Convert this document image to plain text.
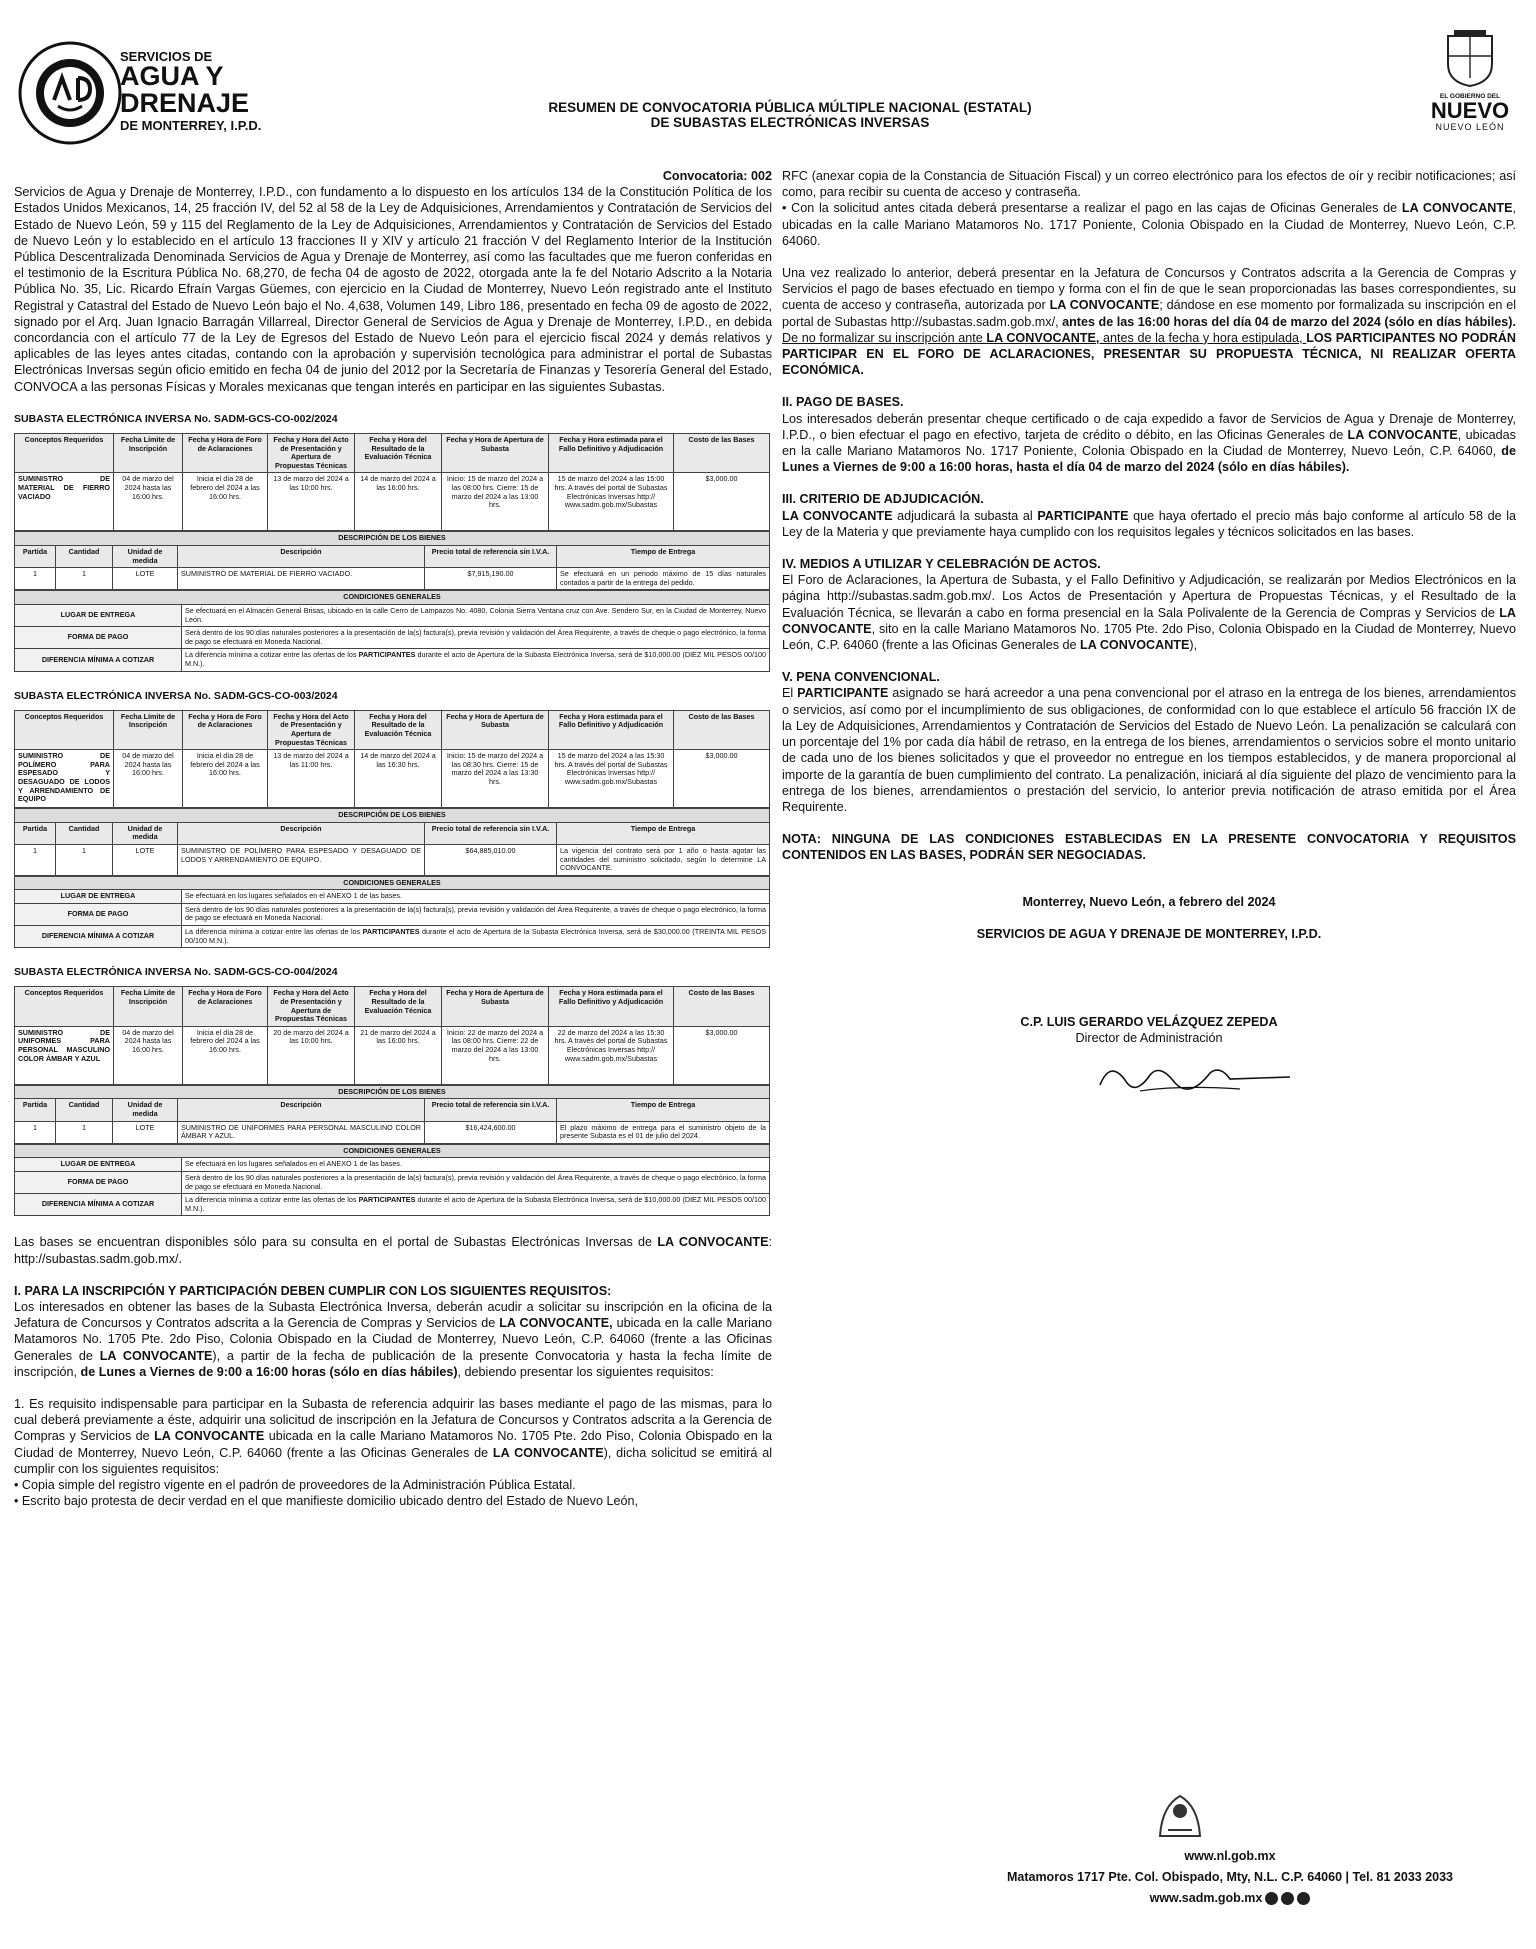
SERVICIOS DE
AGUA Y
DRENAJE
DE MONTERREY, I.P.D.
EL GOBIERNO DEL
NUEVO
NUEVO LEÓN
RESUMEN DE CONVOCATORIA PÚBLICA MÚLTIPLE NACIONAL (ESTATAL)
DE SUBASTAS ELECTRÓNICAS INVERSAS

Convocatoria: 002

Servicios de Agua y Drenaje de Monterrey, I.P.D., con fundamento a lo dispuesto en los artículos 134 de la Constitución Política de los Estados Unidos Mexicanos, 14, 25 fracción IV, del 52 al 58 de la Ley de Adquisiciones, Arrendamientos y Contratación de Servicios del Estado de Nuevo León, 59 y 115 del Reglamento de la Ley de Adquisiciones, Arrendamientos y Contratación de Servicios del Estado de Nuevo León y lo establecido en el artículo 13 fracciones II y XIV y artículo 21 fracción V del Reglamento Interior de la Institución Pública Descentralizada Denominada Servicios de Agua y Drenaje de Monterrey, así como las facultades que me fueron conferidas en el testimonio de la Escritura Pública No. 68,270, de fecha 04 de agosto de 2022, otorgada ante la fe del Notario Adscrito a la Notaria Pública No. 35, Lic. Ricardo Efraín Vargas Güemes, con ejercicio en la Ciudad de Monterrey, Nuevo León registrado ante el Instituto Registral y Catastral del Estado de Nuevo León bajo el No. 4,638, Volumen 149, Libro 186, presentado en fecha 09 de agosto de 2022, signado por el Arq. Juan Ignacio Barragán Villarreal, Director General de Servicios de Agua y Drenaje de Monterrey, I.P.D., en debida concordancia con el artículo 77 de la Ley de Egresos del Estado de Nuevo León para el ejercicio fiscal 2024 y demás relativos y aplicables de las leyes antes citadas, contando con la aprobación y supervisión tecnológica para administrar el portal de Subastas Electrónicas Inversas según oficio emitido en fecha 04 de junio del 2012 por la Secretaría de Finanzas y Tesorería General del Estado, CONVOCA a las personas Físicas y Morales mexicanas que tengan interés en participar en las siguientes Subastas.

SUBASTA ELECTRÓNICA INVERSA No. SADM-GCS-CO-002/2024
Conceptos Requeridos	Fecha Límite de Inscripción	Fecha y Hora de Foro de Aclaraciones	Fecha y Hora del Acto de Presentación y Apertura de Propuestas Técnicas	Fecha y Hora del Resultado de la Evaluación Técnica	Fecha y Hora de Apertura de Subasta	Fecha y Hora estimada para el Fallo Definitivo y Adjudicación	Costo de las Bases
SUMINISTRO DE MATERIAL DE FIERRO VACIADO	04 de marzo del 2024 hasta las 16:00 hrs.	Inicia el día 28 de febrero del 2024 a las 16:00 hrs.	13 de marzo del 2024 a las 10:00 hrs.	14 de marzo del 2024 a las 16:00 hrs.	Inicio: 15 de marzo del 2024 a las 08:00 hrs. Cierre: 15 de marzo del 2024 a las 13:00 hrs.	15 de marzo del 2024 a las 15:00 hrs. A través del portal de Subastas Electrónicas Inversas http:// www.sadm.gob.mx/Subastas	$3,000.00
DESCRIPCIÓN DE LOS BIENES					
Partida	Cantidad	Unidad de medida	Descripción	Precio total de referencia sin I.V.A.	Tiempo de Entrega
1	1	LOTE	SUMINISTRO DE MATERIAL DE FIERRO VACIADO.	$7,915,190.00	Se efectuará en un periodo máximo de 15 días naturales contados a partir de la entrega del pedido.
CONDICIONES GENERALES	
LUGAR DE ENTREGA	Se efectuará en el Almacén General Brisas, ubicado en la calle Cerro de Lampazos No. 4080, Colonia Sierra Ventana cruz con Ave. Sendero Sur, en la Ciudad de Monterrey, Nuevo León.
FORMA DE PAGO	Será dentro de los 90 días naturales posteriores a la presentación de la(s) factura(s), previa revisión y validación del Área Requirente, a través de cheque o pago electrónico, la forma de pago se efectuará en Moneda Nacional.
DIFERENCIA MÍNIMA A COTIZAR	La diferencia mínima a cotizar entre las ofertas de los PARTICIPANTES durante el acto de Apertura de la Subasta Electrónica Inversa, será de $10,000.00 (DIEZ MIL PESOS 00/100 M.N.).
SUBASTA ELECTRÓNICA INVERSA No. SADM-GCS-CO-003/2024
Conceptos Requeridos	Fecha Límite de Inscripción	Fecha y Hora de Foro de Aclaraciones	Fecha y Hora del Acto de Presentación y Apertura de Propuestas Técnicas	Fecha y Hora del Resultado de la Evaluación Técnica	Fecha y Hora de Apertura de Subasta	Fecha y Hora estimada para el Fallo Definitivo y Adjudicación	Costo de las Bases
SUMINISTRO DE POLÍMERO PARA ESPESADO Y DESAGUADO DE LODOS Y ARRENDAMIENTO DE EQUIPO	04 de marzo del 2024 hasta las 16:00 hrs.	Inicia el día 28 de febrero del 2024 a las 16:00 hrs.	13 de marzo del 2024 a las 11:00 hrs.	14 de marzo del 2024 a las 16:30 hrs.	Inicio: 15 de marzo del 2024 a las 08:30 hrs. Cierre: 15 de marzo del 2024 a las 13:30 hrs.	15 de marzo del 2024 a las 15:30 hrs. A través del portal de Subastas Electrónicas Inversas http:// www.sadm.gob.mx/Subastas	$3,000.00
DESCRIPCIÓN DE LOS BIENES					
Partida	Cantidad	Unidad de medida	Descripción	Precio total de referencia sin I.V.A.	Tiempo de Entrega
1	1	LOTE	SUMINISTRO DE POLÍMERO PARA ESPESADO Y DESAGUADO DE LODOS Y ARRENDAMIENTO DE EQUIPO.	$64,885,010.00	La vigencia del contrato será por 1 año o hasta agotar las cantidades del suministro solicitado, según lo determine LA CONVOCANTE.
CONDICIONES GENERALES	
LUGAR DE ENTREGA	Se efectuará en los lugares señalados en el ANEXO 1 de las bases.
FORMA DE PAGO	Será dentro de los 90 días naturales posteriores a la presentación de la(s) factura(s), previa revisión y validación del Área Requirente, a través de cheque o pago electrónico, la forma de pago se efectuará en Moneda Nacional.
DIFERENCIA MÍNIMA A COTIZAR	La diferencia mínima a cotizar entre las ofertas de los PARTICIPANTES durante el acto de Apertura de la Subasta Electrónica Inversa, será de $30,000.00 (TREINTA MIL PESOS 00/100 M.N.).
SUBASTA ELECTRÓNICA INVERSA No. SADM-GCS-CO-004/2024
Conceptos Requeridos	Fecha Límite de Inscripción	Fecha y Hora de Foro de Aclaraciones	Fecha y Hora del Acto de Presentación y Apertura de Propuestas Técnicas	Fecha y Hora del Resultado de la Evaluación Técnica	Fecha y Hora de Apertura de Subasta	Fecha y Hora estimada para el Fallo Definitivo y Adjudicación	Costo de las Bases
SUMINISTRO DE UNIFORMES PARA PERSONAL MASCULINO COLOR ÁMBAR Y AZUL	04 de marzo del 2024 hasta las 16:00 hrs.	Inicia el día 28 de febrero del 2024 a las 16:00 hrs.	20 de marzo del 2024 a las 10:00 hrs.	21 de marzo del 2024 a las 16:00 hrs.	Inicio: 22 de marzo del 2024 a las 08:00 hrs. Cierre: 22 de marzo del 2024 a las 13:00 hrs.	22 de marzo del 2024 a las 15:30 hrs. A través del portal de Subastas Electrónicas Inversas http:// www.sadm.gob.mx/Subastas	$3,000.00
DESCRIPCIÓN DE LOS BIENES					
Partida	Cantidad	Unidad de medida	Descripción	Precio total de referencia sin I.V.A.	Tiempo de Entrega
1	1	LOTE	SUMINISTRO DE UNIFORMES PARA PERSONAL MASCULINO COLOR ÁMBAR Y AZUL.	$16,424,600.00	El plazo máximo de entrega para el suministro objeto de la presente Subasta es el 01 de julio del 2024.
CONDICIONES GENERALES	
LUGAR DE ENTREGA	Se efectuará en los lugares señalados en el ANEXO 1 de las bases.
FORMA DE PAGO	Será dentro de los 90 días naturales posteriores a la presentación de la(s) factura(s), previa revisión y validación del Área Requirente, a través de cheque o pago electrónico, la forma de pago se efectuará en Moneda Nacional.
DIFERENCIA MÍNIMA A COTIZAR	La diferencia mínima a cotizar entre las ofertas de los PARTICIPANTES durante el acto de Apertura de la Subasta Electrónica Inversa, será de $10,000.00 (DIEZ MIL PESOS 00/100 M.N.).

Las bases se encuentran disponibles sólo para su consulta en el portal de Subastas Electrónicas Inversas de LA CONVOCANTE: http://subastas.sadm.gob.mx/.

I. PARA LA INSCRIPCIÓN Y PARTICIPACIÓN DEBEN CUMPLIR CON LOS SIGUIENTES REQUISITOS:

Los interesados en obtener las bases de la Subasta Electrónica Inversa, deberán acudir a solicitar su inscripción en la oficina de la Jefatura de Concursos y Contratos adscrita a la Gerencia de Compras y Servicios de LA CONVOCANTE, ubicada en la calle Mariano Matamoros No. 1705 Pte. 2do Piso, Colonia Obispado en la Ciudad de Monterrey, Nuevo León, C.P. 64060 (frente a las Oficinas Generales de LA CONVOCANTE), a partir de la fecha de publicación de la presente Convocatoria y hasta la fecha límite de inscripción, de Lunes a Viernes de 9:00 a 16:00 horas (sólo en días hábiles), debiendo presentar los siguientes requisitos:

1. Es requisito indispensable para participar en la Subasta de referencia adquirir las bases mediante el pago de las mismas, para lo cual deberá previamente a éste, adquirir una solicitud de inscripción en la Jefatura de Concursos y Contratos adscrita a la Gerencia de Compras y Servicios de LA CONVOCANTE ubicada en la calle Mariano Matamoros No. 1705 Pte. 2do Piso, Colonia Obispado en la Ciudad de Monterrey, Nuevo León, C.P. 64060 (frente a las Oficinas Generales de LA CONVOCANTE), dicha solicitud se emitirá al cumplir con los siguientes requisitos:

• Copia simple del registro vigente en el padrón de proveedores de la Administración Pública Estatal.

• Escrito bajo protesta de decir verdad en el que manifieste domicilio ubicado dentro del Estado de Nuevo León,

RFC (anexar copia de la Constancia de Situación Fiscal) y un correo electrónico para los efectos de oír y recibir notificaciones; así como, para recibir su cuenta de acceso y contraseña.

• Con la solicitud antes citada deberá presentarse a realizar el pago en las cajas de Oficinas Generales de LA CONVOCANTE, ubicadas en la calle Mariano Matamoros No. 1717 Poniente, Colonia Obispado en la Ciudad de Monterrey, Nuevo León, C.P. 64060.

Una vez realizado lo anterior, deberá presentar en la Jefatura de Concursos y Contratos adscrita a la Gerencia de Compras y Servicios el pago de bases efectuado en tiempo y forma con el fin de que le sean proporcionadas las bases correspondientes, su cuenta de acceso y contraseña, autorizada por LA CONVOCANTE; dándose en ese momento por formalizada su inscripción en el portal de Subastas http://subastas.sadm.gob.mx/, antes de las 16:00 horas del día 04 de marzo del 2024 (sólo en días hábiles). De no formalizar su inscripción ante LA CONVOCANTE, antes de la fecha y hora estipulada, LOS PARTICIPANTES NO PODRÁN PARTICIPAR EN EL FORO DE ACLARACIONES, PRESENTAR SU PROPUESTA TÉCNICA, NI REALIZAR OFERTA ECONÓMICA.

II. PAGO DE BASES.

Los interesados deberán presentar cheque certificado o de caja expedido a favor de Servicios de Agua y Drenaje de Monterrey, I.P.D., o bien efectuar el pago en efectivo, tarjeta de crédito o débito, en las Oficinas Generales de LA CONVOCANTE, ubicadas en la calle Mariano Matamoros No. 1717 Poniente, Colonia Obispado en la Ciudad de Monterrey, Nuevo León, C.P. 64060, de Lunes a Viernes de 9:00 a 16:00 horas, hasta el día 04 de marzo del 2024 (sólo en días hábiles).

III. CRITERIO DE ADJUDICACIÓN.

LA CONVOCANTE adjudicará la subasta al PARTICIPANTE que haya ofertado el precio más bajo conforme al artículo 58 de la Ley de la Materia y que previamente haya cumplido con los requisitos legales y técnicos solicitados en las bases.

IV. MEDIOS A UTILIZAR Y CELEBRACIÓN DE ACTOS.

El Foro de Aclaraciones, la Apertura de Subasta, y el Fallo Definitivo y Adjudicación, se realizarán por Medios Electrónicos en la página http://subastas.sadm.gob.mx/. Los Actos de Presentación y Apertura de Propuestas Técnicas, y el Resultado de la Evaluación Técnica, se llevarán a cabo en forma presencial en la Sala Polivalente de la Gerencia de Compras y Servicios de LA CONVOCANTE, sito en la calle Mariano Matamoros No. 1705 Pte. 2do Piso, Colonia Obispado en la Ciudad de Monterrey, Nuevo León, C.P. 64060 (frente a las Oficinas Generales de LA CONVOCANTE),

V. PENA CONVENCIONAL.

El PARTICIPANTE asignado se hará acreedor a una pena convencional por el atraso en la entrega de los bienes, arrendamientos o servicios, así como por el incumplimiento de sus obligaciones, de conformidad con lo que establece el artículo 56 fracción IX de la Ley de Adquisiciones, Arrendamientos y Contratación de Servicios del Estado de Nuevo León. La penalización se calculará con un porcentaje del 1% por cada día hábil de retraso, en la entrega de los bienes, arrendamientos o servicios sobre el monto unitario de cada uno de los bienes solicitados y que el proveedor no entregue en los tiempos establecidos, y de manera proporcional al importe de la garantía de buen cumplimiento del contrato. La penalización, iniciará al día siguiente del plazo de vencimiento para la entrega de los bienes, arrendamientos o prestación del servicio, lo anterior previa notificación de atraso emitida por el Área Requirente.

NOTA: NINGUNA DE LAS CONDICIONES ESTABLECIDAS EN LA PRESENTE CONVOCATORIA Y REQUISITOS CONTENIDOS EN LAS BASES, PODRÁN SER NEGOCIADAS.

Monterrey, Nuevo León, a febrero del 2024

SERVICIOS DE AGUA Y DRENAJE DE MONTERREY, I.P.D.

C.P. LUIS GERARDO VELÁZQUEZ ZEPEDA

Director de Administración

www.nl.gob.mx
Matamoros 1717 Pte. Col. Obispado, Mty, N.L. C.P. 64060 | Tel. 81 2033 2033
www.sadm.gob.mx
